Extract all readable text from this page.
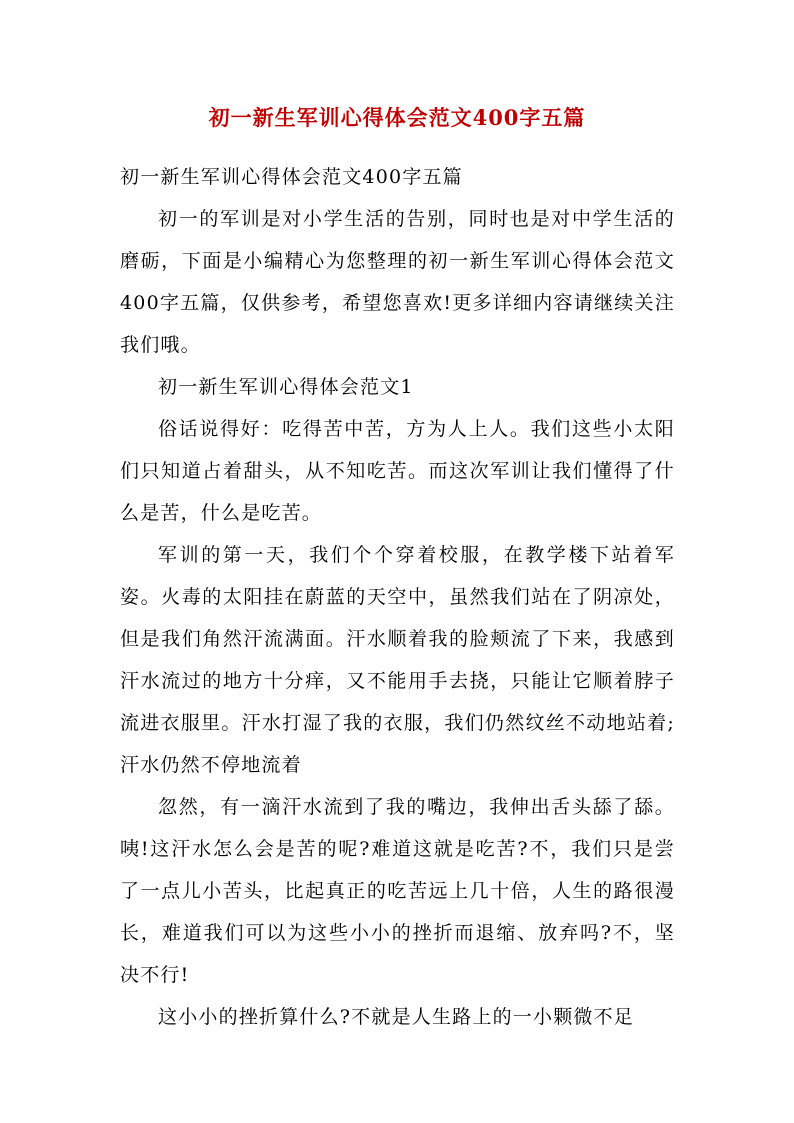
初一新生军训心得体会范文400字五篇

初一新生军训心得体会范文400字五篇

初一的军训是对小学生活的告别，同时也是对中学生活的磨砺，下面是小编精心为您整理的初一新生军训心得体会范文400字五篇，仅供参考，希望您喜欢!更多详细内容请继续关注我们哦。

初一新生军训心得体会范文1

俗话说得好：吃得苦中苦，方为人上人。我们这些小太阳们只知道占着甜头，从不知吃苦。而这次军训让我们懂得了什么是苦，什么是吃苦。

军训的第一天，我们个个穿着校服，在教学楼下站着军姿。火毒的太阳挂在蔚蓝的天空中，虽然我们站在了阴凉处，但是我们角然汗流满面。汗水顺着我的脸颊流了下来，我感到汗水流过的地方十分痒，又不能用手去挠，只能让它顺着脖子流进衣服里。汗水打湿了我的衣服，我们仍然纹丝不动地站着;汗水仍然不停地流着

忽然，有一滴汗水流到了我的嘴边，我伸出舌头舔了舔。咦!这汗水怎么会是苦的呢?难道这就是吃苦?不，我们只是尝了一点儿小苦头，比起真正的吃苦远上几十倍，人生的路很漫长，难道我们可以为这些小小的挫折而退缩、放弃吗?不，坚决不行!

这小小的挫折算什么?不就是人生路上的一小颗微不足
